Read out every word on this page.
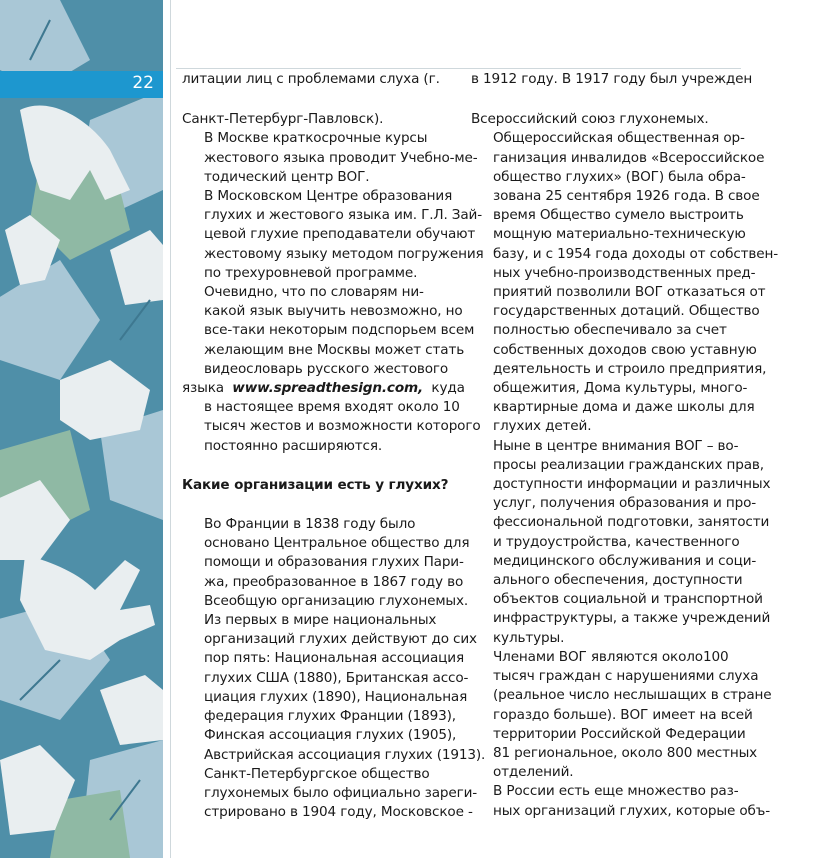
22 литации лиц с проблемами слуха (г.

Санкт-Петербург-Павловск).

В Москве краткосрочные курсы
жестового языка проводит Учебно-ме-
тодический центр ВОГ.

В Московском Центре образования
глухих и жестового языка им. Г.Л. Зай-
цевой глухие преподаватели обучают
жестовому языку методом погружения
по трехуровневой программе.

Очевидно, что по словарям ни-
какой язык выучить невозможно, но
все-таки некоторым подспорьем всем
желающим вне Москвы может стать
видеословарь русского жестового
языка www.spreadthesign.com, куда
в настоящее время входят около 10
тысяч жестов и возможности которого
постоянно расширяются.

Какие организации есть у глухих?

Во Франции в 1838 году было
основано Центральное общество для
помощи и образования глухих Пари-
жа, преобразованное в 1867 году во
Всеобщую организацию глухонемых.

Из первых в мире национальных
организаций глухих действуют до сих
пор пять: Национальная ассоциация
глухих США (1880), Британская ассо-
циация глухих (1890), Национальная
федерация глухих Франции (1893),
Финская ассоциация глухих (1905),
Австрийская ассоциация глухих (1913).

Санкт-Петербургское общество
глухонемых было официально зареги-
стрировано в 1904 году, Московское -

в 1912 году. В 1917 году был учрежден

Всероссийский союз глухонемых.

Общероссийская общественная ор-
ганизация инвалидов «Всероссийское
общество глухих» (ВОГ) была обра-
зована 25 сентября 1926 года. В свое
время Общество сумело выстроить
мощную материально-техническую
базу, и с 1954 года доходы от собствен-
ных учебно-производственных пред-
приятий позволили ВОГ отказаться от
государственных дотаций. Общество
полностью обеспечивало за счет
собственных доходов свою уставную
деятельность и строило предприятия,
общежития, Дома культуры, много-
квартирные дома и даже школы для
глухих детей.

Ныне в центре внимания ВОГ – во-
просы реализации гражданских прав,
доступности информации и различных
услуг, получения образования и про-
фессиональной подготовки, занятости
и трудоустройства, качественного
медицинского обслуживания и соци-
ального обеспечения, доступности
объектов социальной и транспортной
инфраструктуры, а также учреждений
культуры.

Членами ВОГ являются около100
тысяч граждан с нарушениями слуха
(реальное число неслышащих в стране
гораздо больше). ВОГ имеет на всей
территории Российской Федерации
81 региональное, около 800 местных
отделений.

В России есть еще множество раз-
ных организаций глухих, которые объ-
